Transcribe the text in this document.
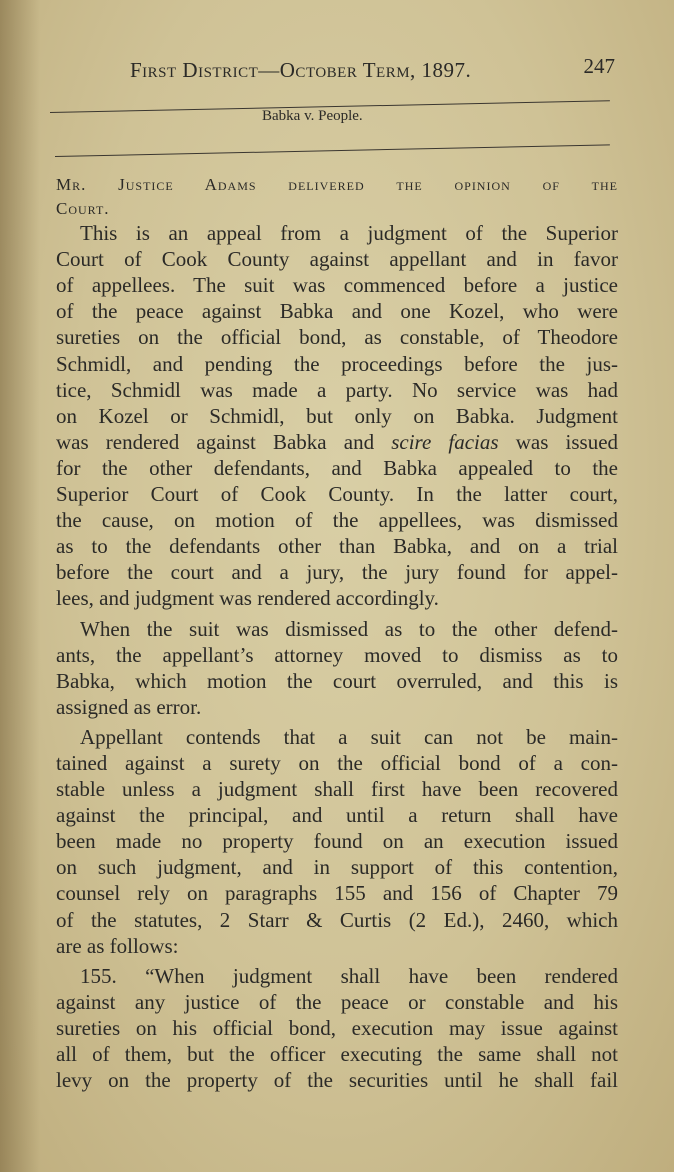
First District—October Term, 1897.	247
Babka v. People.
Mr. Justice Adams delivered the opinion of the
Court.
This is an appeal from a judgment of the Superior
Court of Cook County against appellant and in favor
of appellees. The suit was commenced before a justice
of the peace against Babka and one Kozel, who were
sureties on the official bond, as constable, of Theodore
Schmidl, and pending the proceedings before the jus-
tice, Schmidl was made a party. No service was had
on Kozel or Schmidl, but only on Babka. Judgment
was rendered against Babka and scire facias was issued
for the other defendants, and Babka appealed to the
Superior Court of Cook County. In the latter court,
the cause, on motion of the appellees, was dismissed
as to the defendants other than Babka, and on a trial
before the court and a jury, the jury found for appel-
lees, and judgment was rendered accordingly.
When the suit was dismissed as to the other defend-
ants, the appellant’s attorney moved to dismiss as to
Babka, which motion the court overruled, and this is
assigned as error.
Appellant contends that a suit can not be main-
tained against a surety on the official bond of a con-
stable unless a judgment shall first have been recovered
against the principal, and until a return shall have
been made no property found on an execution issued
on such judgment, and in support of this contention,
counsel rely on paragraphs 155 and 156 of Chapter 79
of the statutes, 2 Starr & Curtis (2 Ed.), 2460, which
are as follows:
155. “When judgment shall have been rendered
against any justice of the peace or constable and his
sureties on his official bond, execution may issue against
all of them, but the officer executing the same shall not
levy on the property of the securities until he shall fail
